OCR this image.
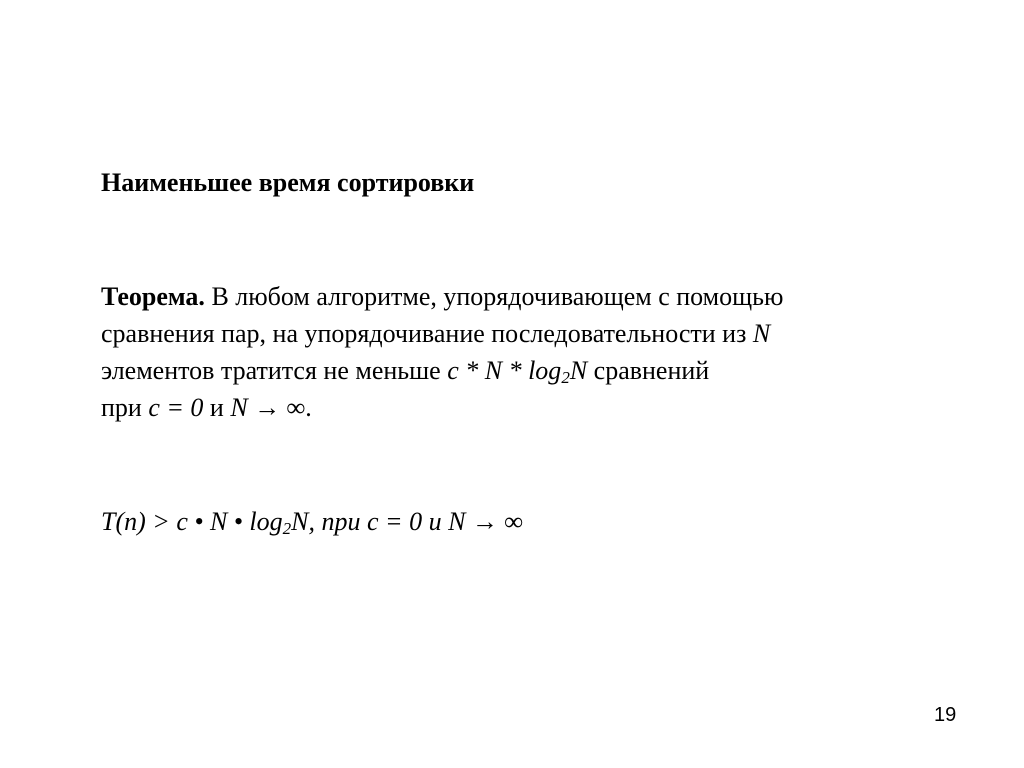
Наименьшее время сортировки

Теорема. В любом алгоритме, упорядочивающем с помощью
сравнения пар, на упорядочивание последовательности из N
элементов тратится не меньше c * N * $\log_2N$ сравнений
при c = 0 и N → ∞.

T(n) > c • N • $\log_2N$, при c = 0 и N → ∞

19
